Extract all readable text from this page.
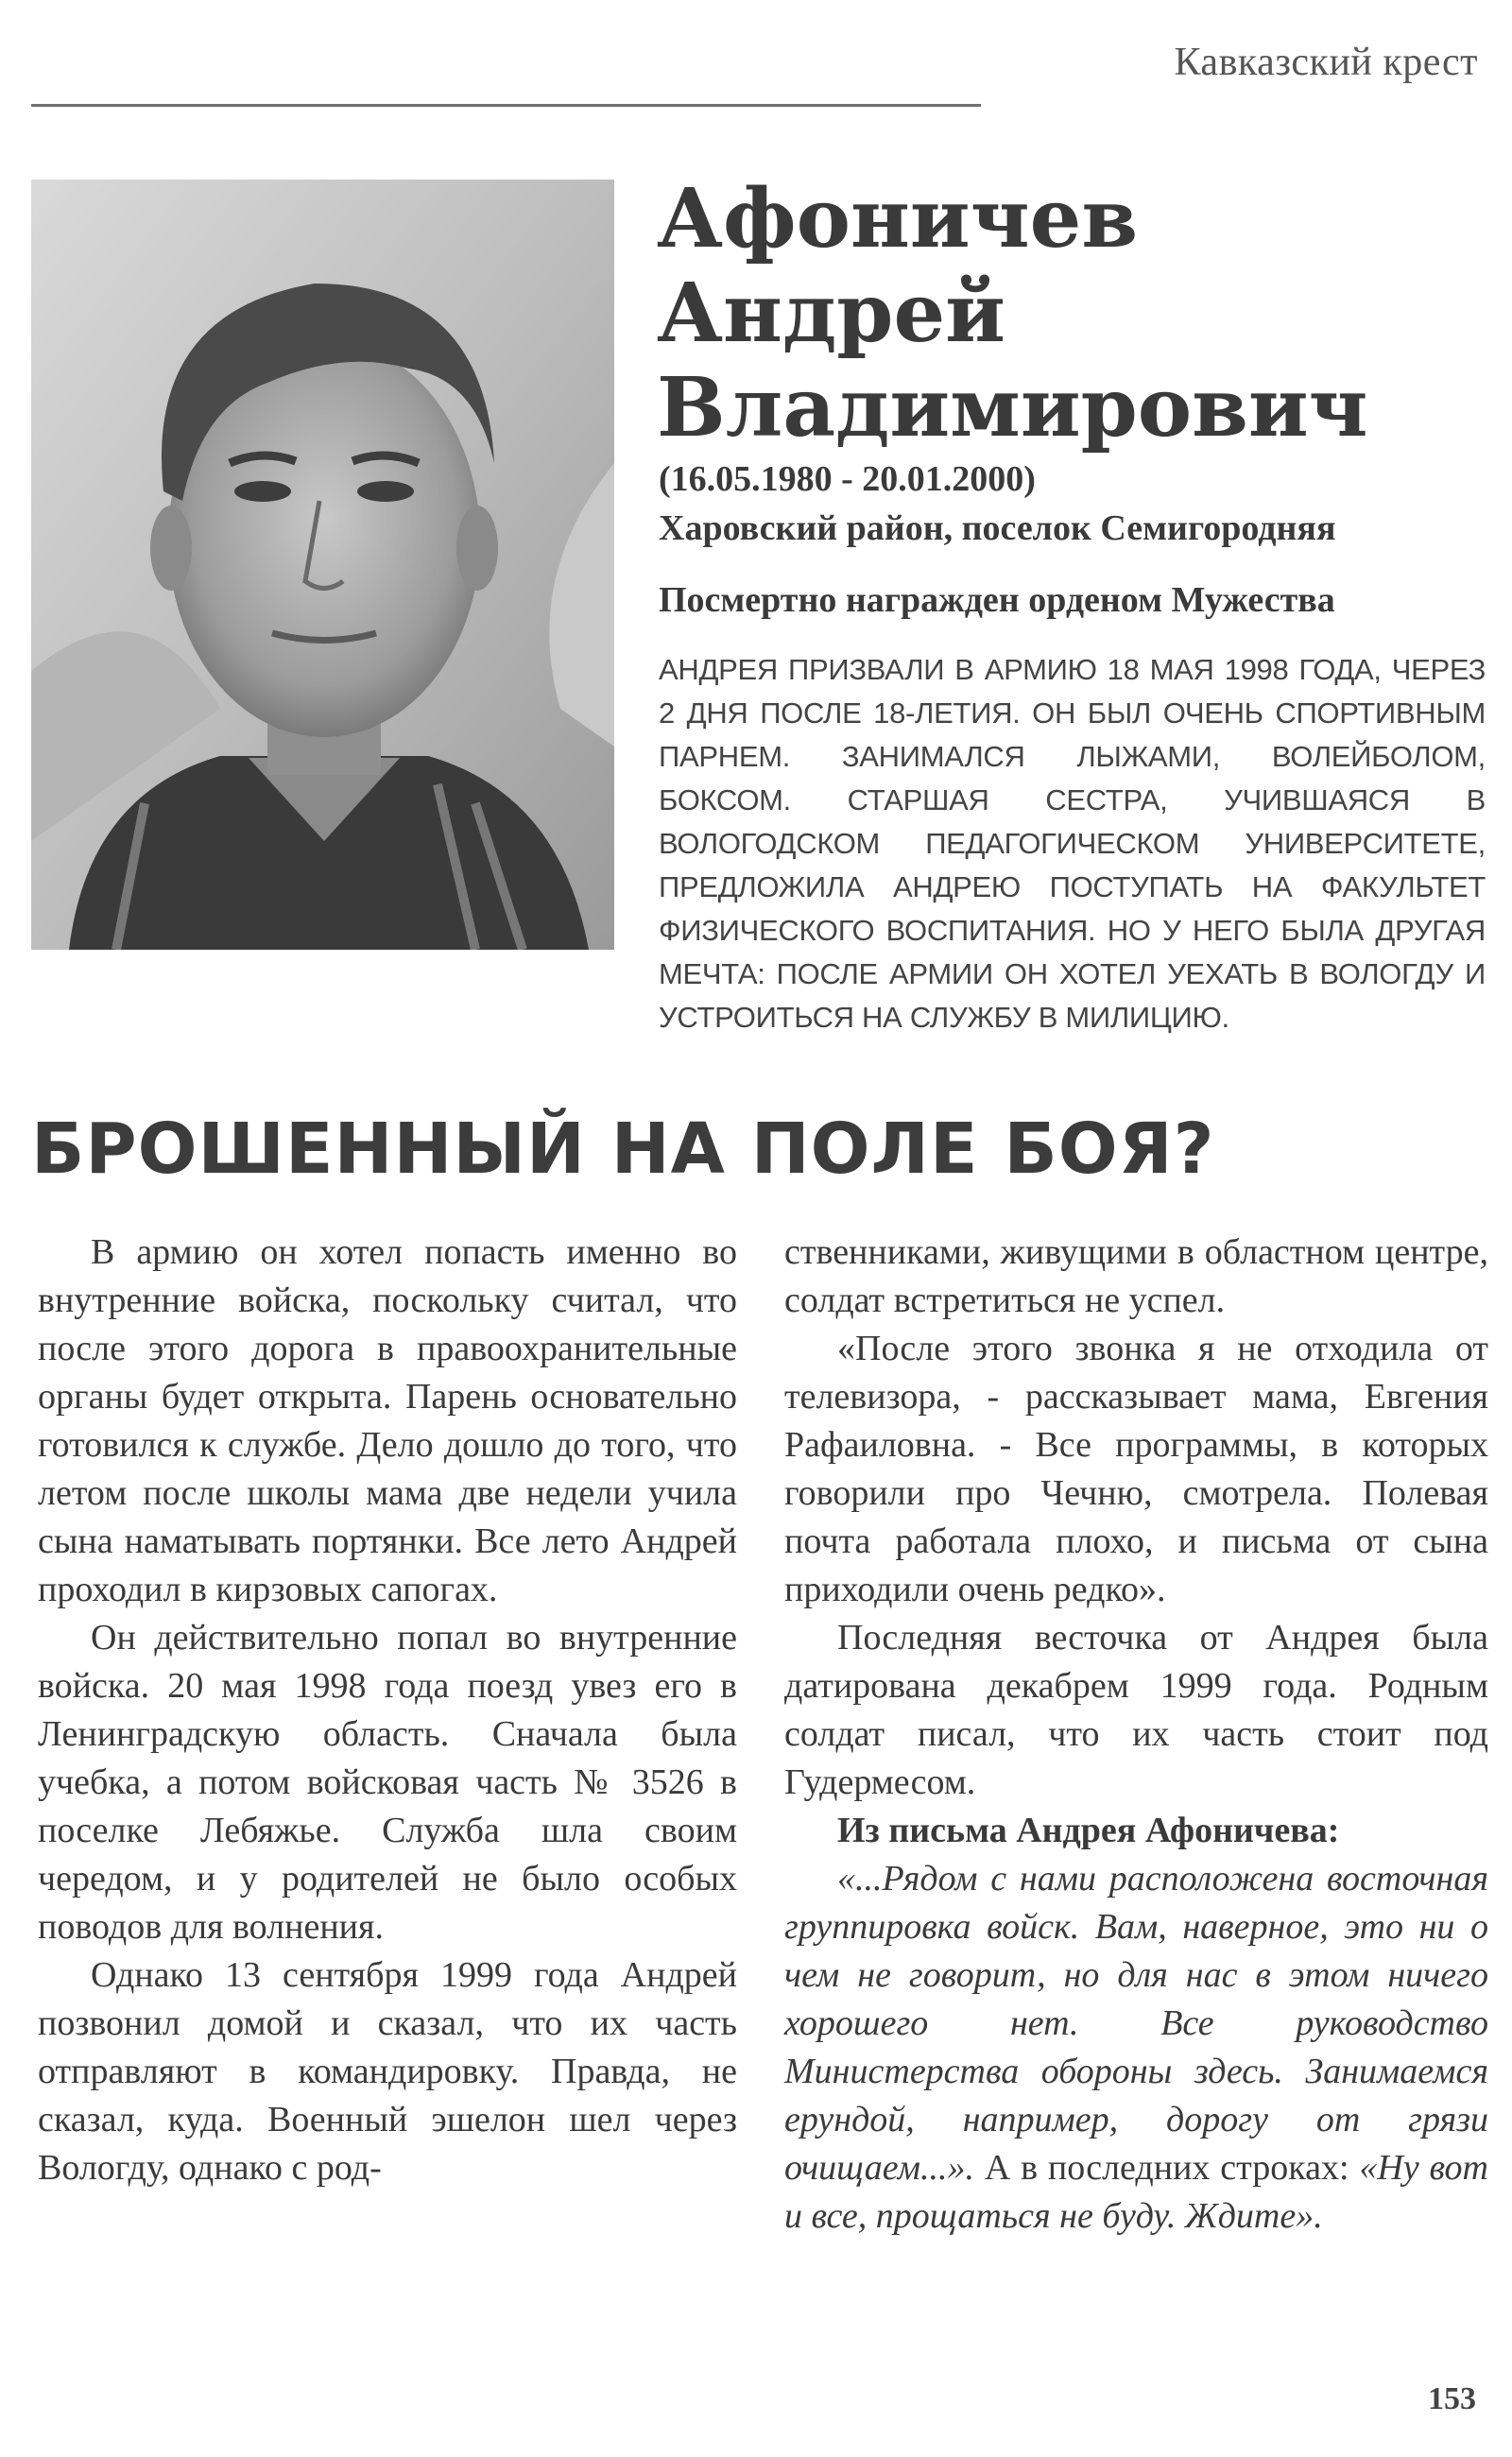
Кавказский крест
Афоничев
Андрей
Владимирович
(16.05.1980 - 20.01.2000)
Харовский район, поселок Семигородняя
Посмертно награжден орденом Мужества
АНДРЕЯ ПРИЗВАЛИ В АРМИЮ 18 МАЯ 1998 ГОДА, ЧЕРЕЗ 2 ДНЯ ПОСЛЕ 18-ЛЕТИЯ. ОН БЫЛ ОЧЕНЬ СПОРТИВНЫМ ПАРНЕМ. ЗАНИМАЛСЯ ЛЫЖАМИ, ВОЛЕЙБОЛОМ, БОКСОМ. СТАРШАЯ СЕСТРА, УЧИВШАЯСЯ В ВОЛОГОДСКОМ ПЕДАГОГИЧЕСКОМ УНИВЕРСИТЕТЕ, ПРЕДЛОЖИЛА АНДРЕЮ ПОСТУПАТЬ НА ФАКУЛЬТЕТ ФИЗИЧЕСКОГО ВОСПИТАНИЯ. НО У НЕГО БЫЛА ДРУГАЯ МЕЧТА: ПОСЛЕ АРМИИ ОН ХОТЕЛ УЕХАТЬ В ВОЛОГДУ И УСТРОИТЬСЯ НА СЛУЖБУ В МИЛИЦИЮ.
БРОШЕННЫЙ НА ПОЛЕ БОЯ?

В армию он хотел попасть именно во внутренние войска, поскольку считал, что после этого дорога в правоохранительные органы будет открыта. Парень основательно готовился к службе. Дело дошло до того, что летом после школы мама две недели учила сына наматывать портянки. Все лето Андрей проходил в кирзовых сапогах.

Он действительно попал во внутренние войска. 20 мая 1998 года поезд увез его в Ленинградскую область. Сначала была учебка, а потом войсковая часть № 3526 в поселке Лебяжье. Служба шла своим чередом, и у родителей не было особых поводов для волнения.

Однако 13 сентября 1999 года Андрей позвонил домой и сказал, что их часть отправляют в командировку. Правда, не сказал, куда. Военный эшелон шел через Вологду, однако с род-

ственниками, живущими в областном центре, солдат встретиться не успел.

«После этого звонка я не отходила от телевизора, - рассказывает мама, Евгения Рафаиловна. - Все программы, в которых говорили про Чечню, смотрела. Полевая почта работала плохо, и письма от сына приходили очень редко».

Последняя весточка от Андрея была датирована декабрем 1999 года. Родным солдат писал, что их часть стоит под Гудермесом.

Из письма Андрея Афоничева:

«...Рядом с нами расположена восточная группировка войск. Вам, наверное, это ни о чем не говорит, но для нас в этом ничего хорошего нет. Все руководство Министерства обороны здесь. Занимаемся ерундой, например, дорогу от грязи очищаем...». А в последних строках: «Ну вот и все, прощаться не буду. Ждите».

153
